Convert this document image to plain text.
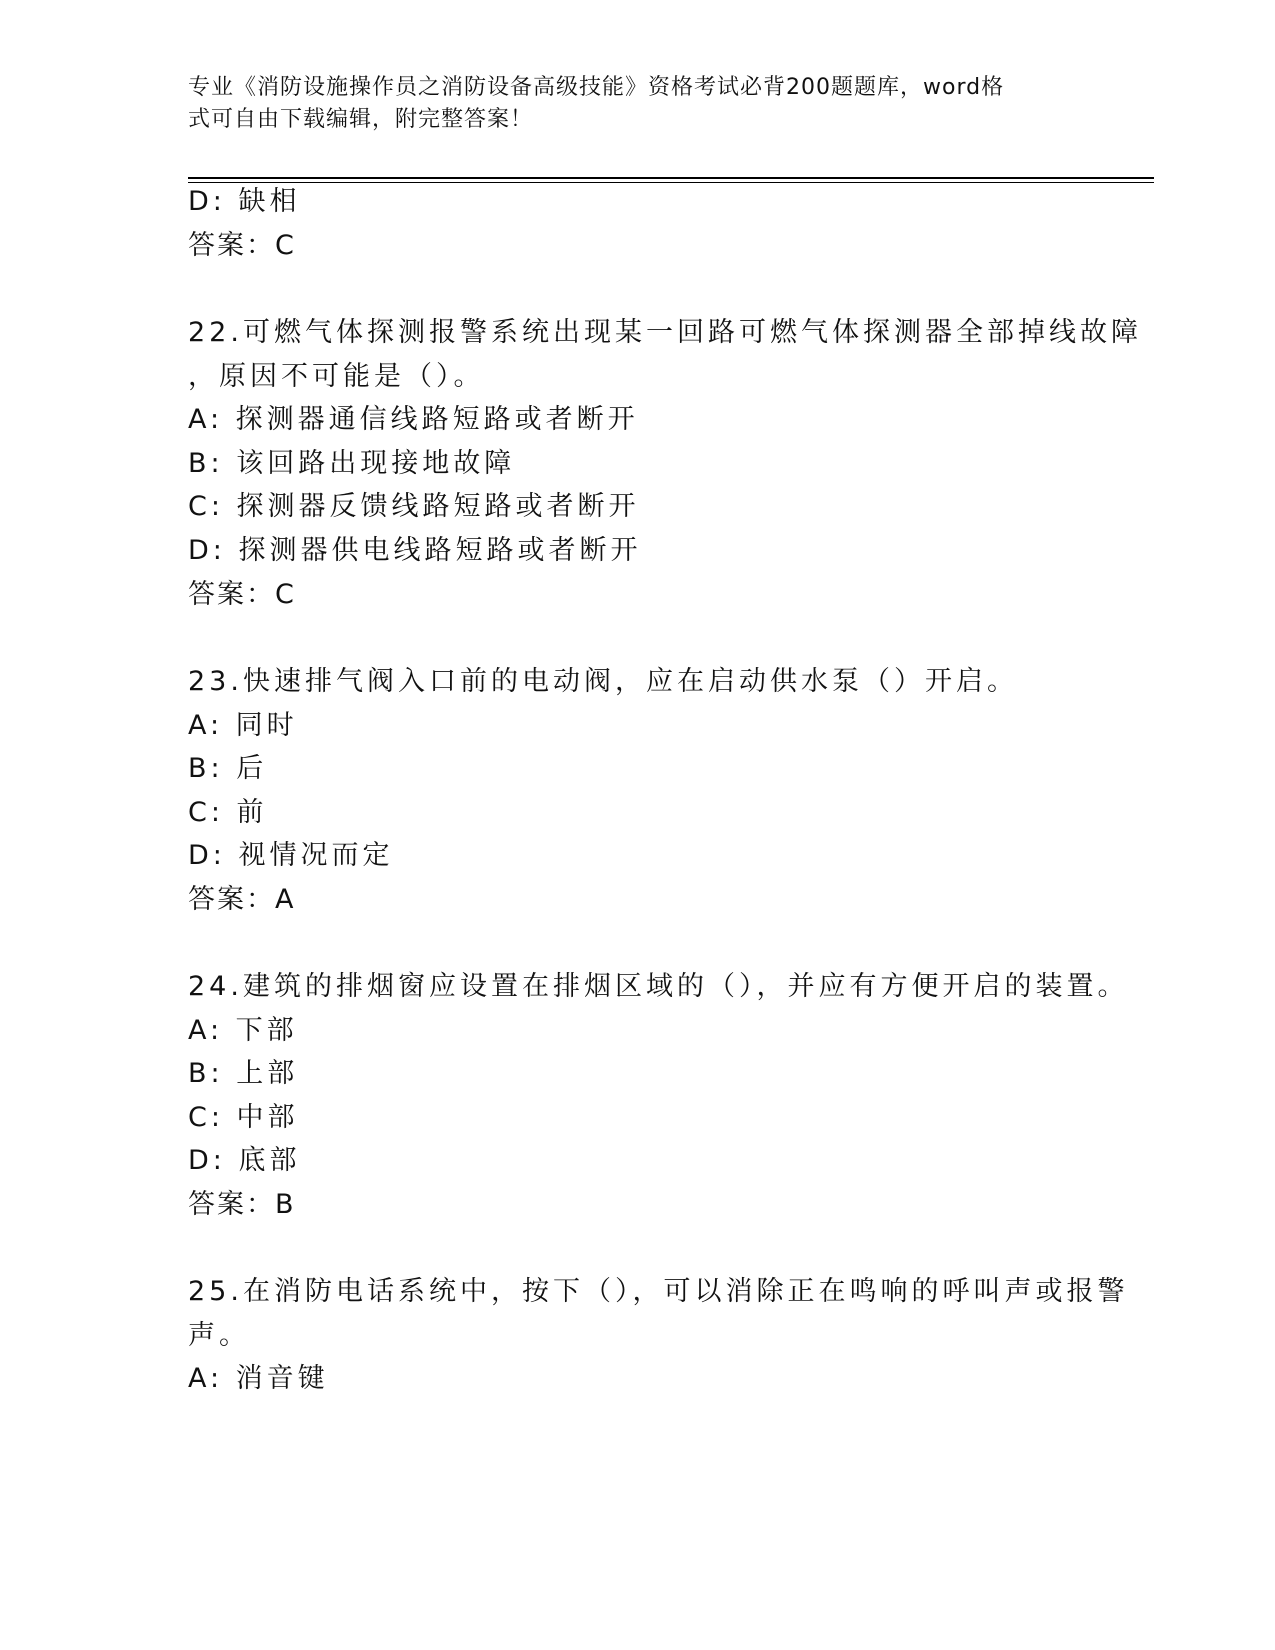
专业《消防设施操作员之消防设备高级技能》资格考试必背200题题库，word格
式可自由下载编辑，附完整答案！
D: 缺相
答案：C
22.可燃气体探测报警系统出现某一回路可燃气体探测器全部掉线故障
，原因不可能是（）。
A: 探测器通信线路短路或者断开
B: 该回路出现接地故障
C: 探测器反馈线路短路或者断开
D: 探测器供电线路短路或者断开
答案：C
23.快速排气阀入口前的电动阀，应在启动供水泵（）开启。
A: 同时
B: 后
C: 前
D: 视情况而定
答案：A
24.建筑的排烟窗应设置在排烟区域的（），并应有方便开启的装置。
A: 下部
B: 上部
C: 中部
D: 底部
答案：B
25.在消防电话系统中，按下（），可以消除正在鸣响的呼叫声或报警
声。
A: 消音键
